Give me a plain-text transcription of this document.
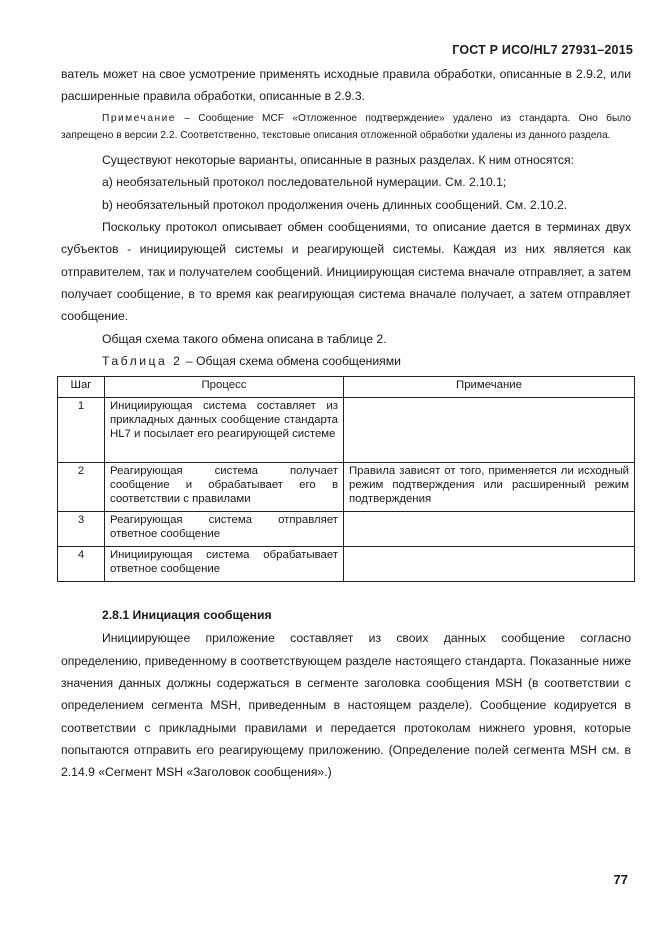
ГОСТ Р ИСО/HL7 27931–2015

ватель может на свое усмотрение применять исходные правила обработки, описанные в 2.9.2, или расширенные правила обработки, описанные в 2.9.3.

Примечание – Сообщение MCF «Отложенное подтверждение» удалено из стандарта. Оно было запрещено в версии 2.2. Соответственно, текстовые описания отложенной обработки удалены из данного раздела.

Существуют некоторые варианты, описанные в разных разделах. К ним относятся:

a) необязательный протокол последовательной нумерации. См. 2.10.1;

b) необязательный протокол продолжения очень длинных сообщений. См. 2.10.2.

Поскольку протокол описывает обмен сообщениями, то описание дается в терминах двух субъектов - инициирующей системы и реагирующей системы. Каждая из них является как отправителем, так и получателем сообщений. Инициирующая система вначале отправляет, а затем получает сообщение, в то время как реагирующая система вначале получает, а затем отправляет сообщение.

Общая схема такого обмена описана в таблице 2.

Таблица 2 – Общая схема обмена сообщениями

Шаг	Процесс	Примечание
1	Инициирующая система составляет из прикладных данных сообщение стандарта HL7 и посылает его реагирующей системе	
2	Реагирующая система получает сообщение и обрабатывает его в соответствии с правилами	Правила зависят от того, применяется ли исходный режим подтверждения или расширенный режим подтверждения
3	Реагирующая система отправляет ответное сообщение	
4	Инициирующая система обрабатывает ответное сообщение	

2.8.1 Инициация сообщения

Инициирующее приложение составляет из своих данных сообщение согласно определению, приведенному в соответствующем разделе настоящего стандарта. Показанные ниже значения данных должны содержаться в сегменте заголовка сообщения MSH (в соответствии с определением сегмента MSH, приведенным в настоящем разделе). Сообщение кодируется в соответствии с прикладными правилами и передается протоколам нижнего уровня, которые попытаются отправить его реагирующему приложению. (Определение полей сегмента MSH см. в 2.14.9 «Сегмент MSH «Заголовок сообщения».)

77
